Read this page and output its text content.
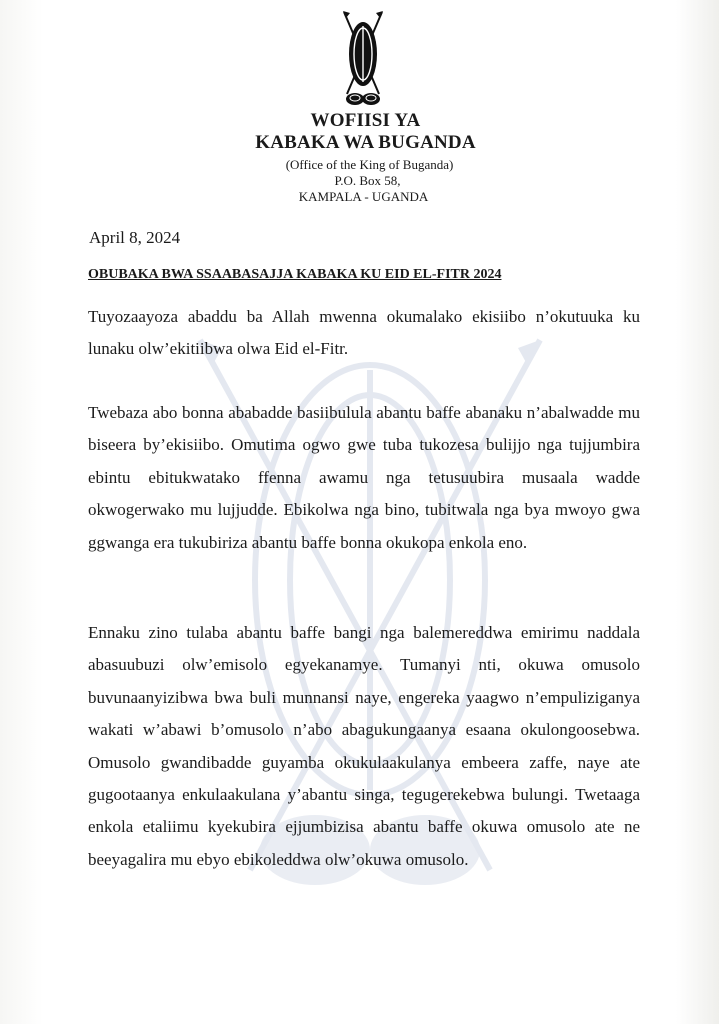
WOFIISI YA

KABAKA WA BUGANDA

(Office of the King of Buganda)

P.O. Box 58,

KAMPALA - UGANDA

April 8, 2024

OBUBAKA BWA SSAABASAJJA KABAKA KU EID EL-FITR 2024

Tuyozaayoza abaddu ba Allah mwenna okumalako ekisiibo n’okutuuka ku lunaku olw’ekitiibwa olwa Eid el-Fitr.

Twebaza abo bonna ababadde basiibulula abantu baffe abanaku n’abalwadde mu biseera by’ekisiibo. Omutima ogwo gwe tuba tukozesa bulijjo nga tujjumbira ebintu ebitukwatako ffenna awamu nga tetusuubira musaala wadde okwogerwako mu lujjudde. Ebikolwa nga bino, tubitwala nga bya mwoyo gwa ggwanga era tukubiriza abantu baffe bonna okukopa enkola eno.

Ennaku zino tulaba abantu baffe bangi nga balemereddwa emirimu naddala abasuubuzi olw’emisolo egyekanamye. Tumanyi nti, okuwa omusolo buvunaanyizibwa bwa buli munnansi naye, engereka yaagwo n’empuliziganya wakati w’abawi b’omusolo n’abo abagukungaanya esaana okulongoosebwa. Omusolo gwandibadde guyamba okukulaakulanya embeera zaffe, naye ate gugootaanya enkulaakulana y’abantu singa, tegugerekebwa bulungi. Twetaaga enkola etaliimu kyekubira ejjumbizisa abantu baffe okuwa omusolo ate ne beeyagalira mu ebyo ebikoleddwa olw’okuwa omusolo.
